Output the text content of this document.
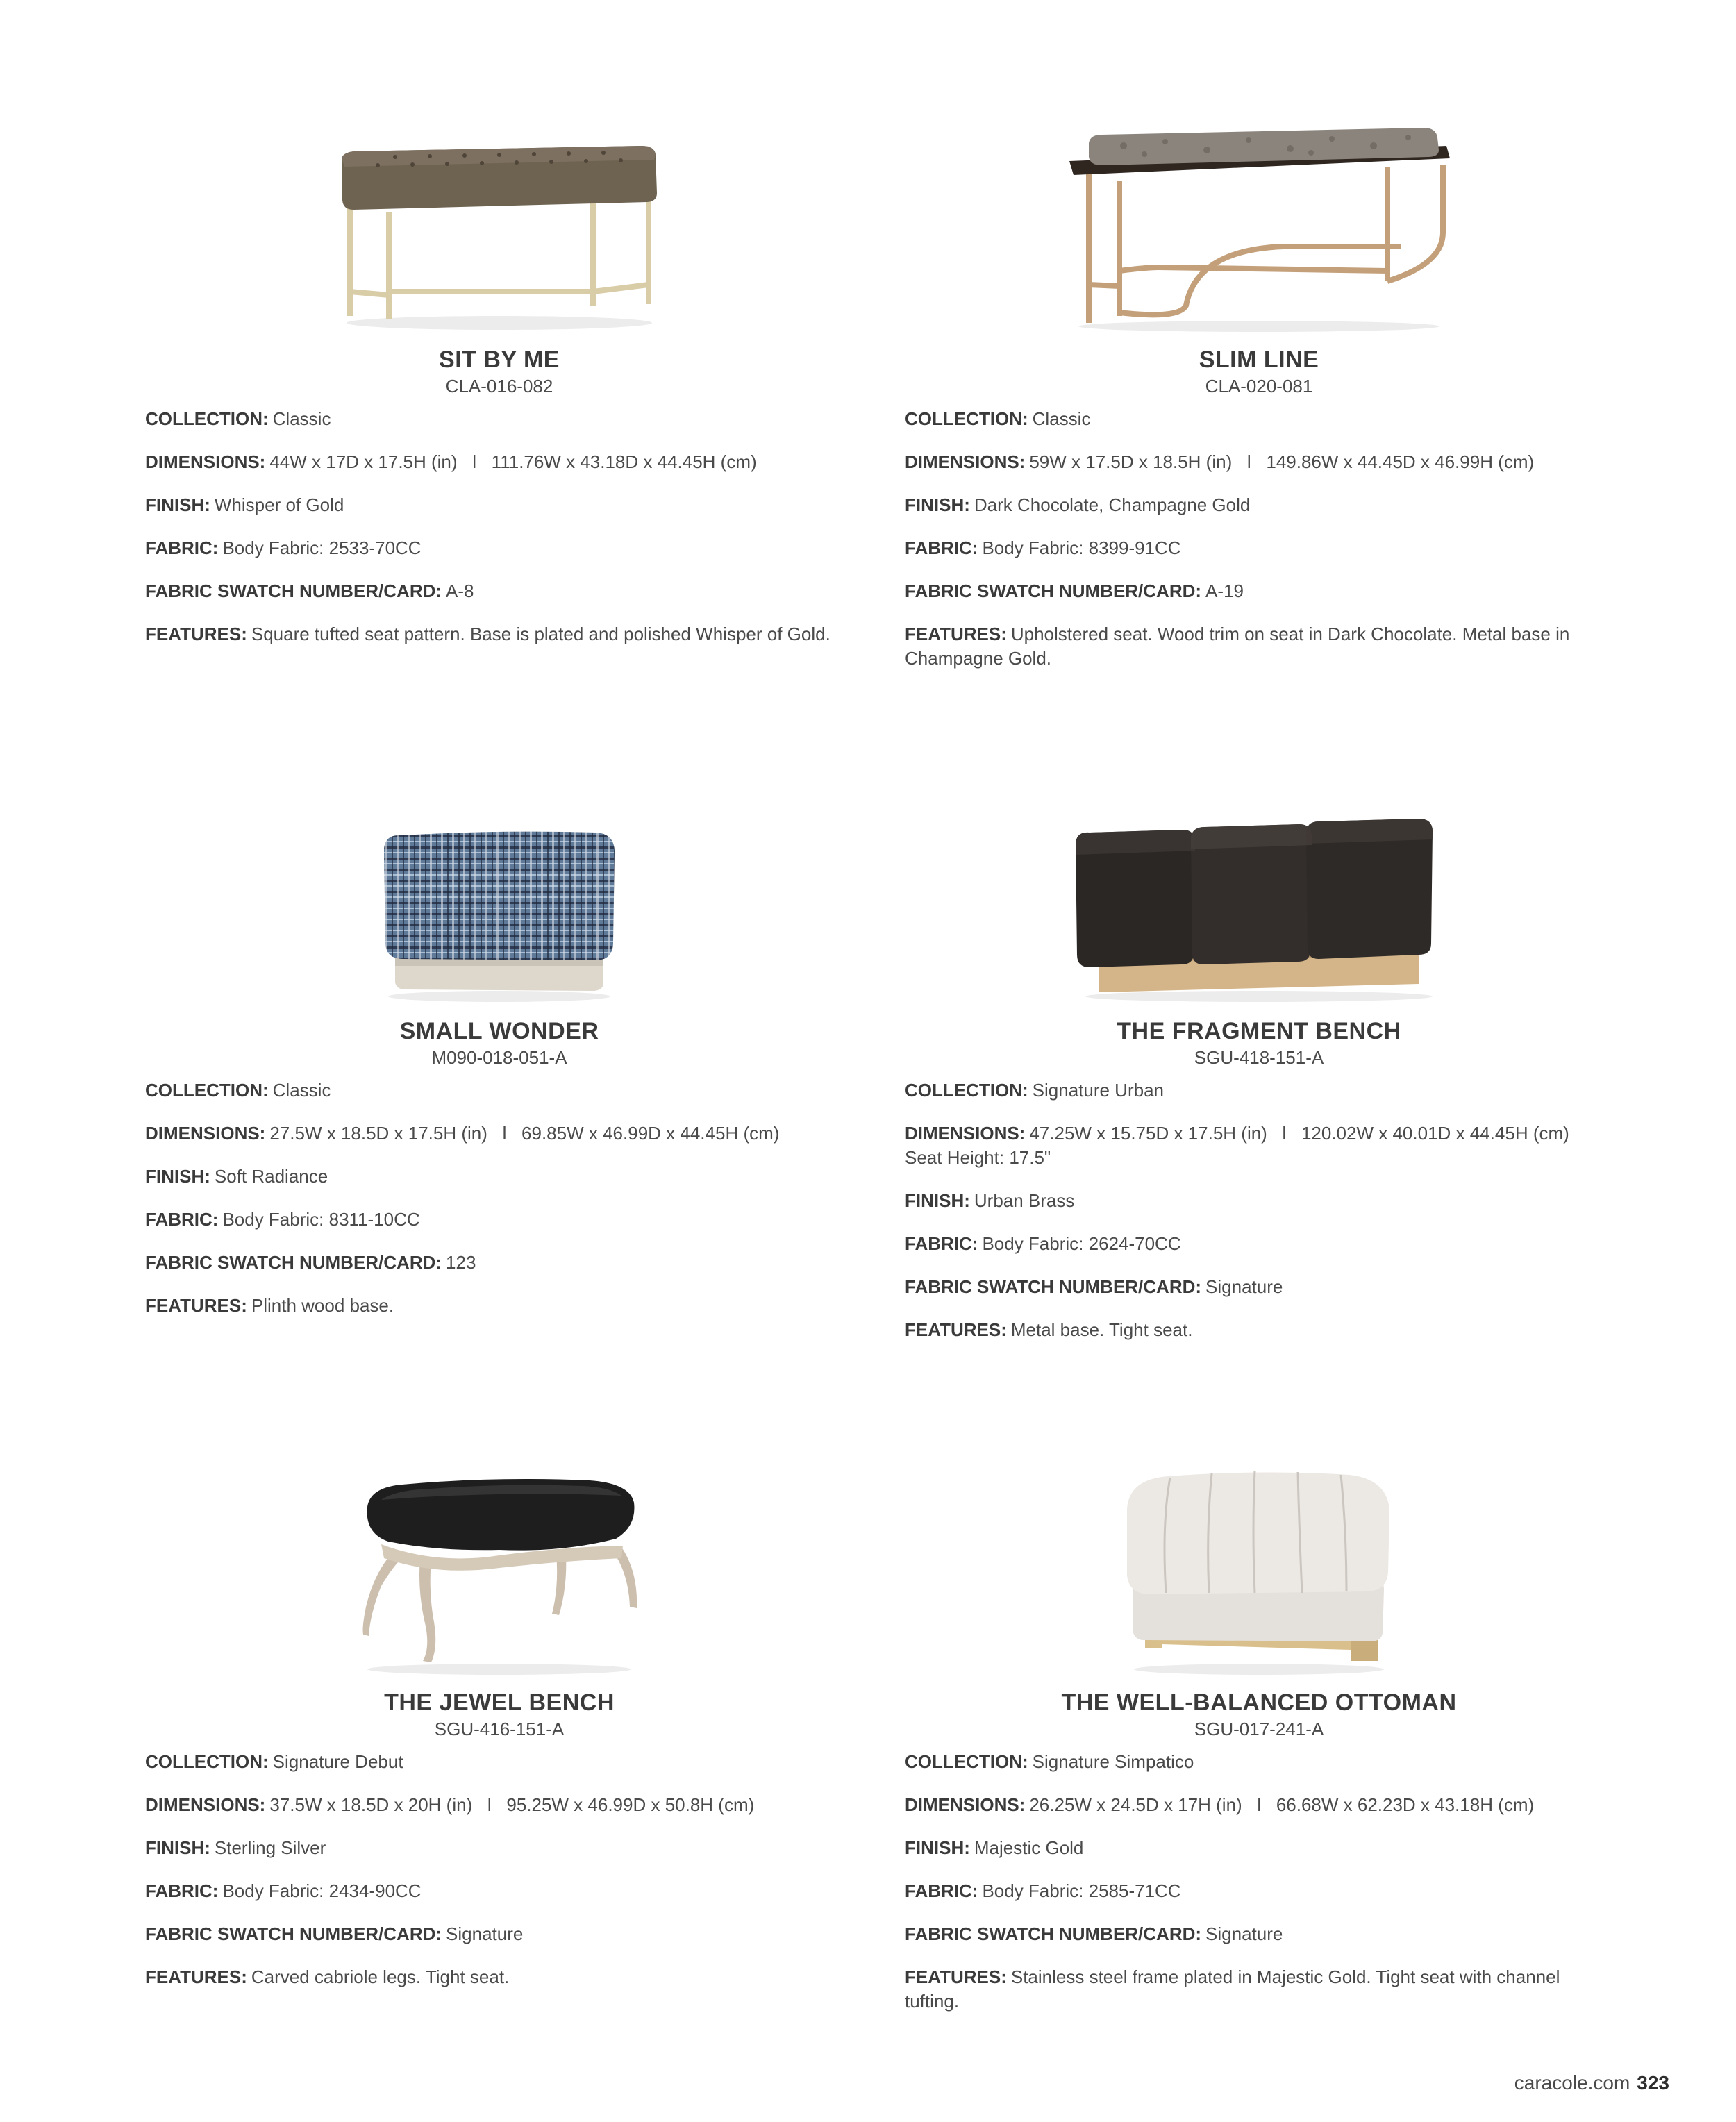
SIT BY ME
CLA-016-082
COLLECTION: Classic
DIMENSIONS: 44W x 17D x 17.5H (in)   l   111.76W x 43.18D x 44.45H (cm)
FINISH: Whisper of Gold
FABRIC: Body Fabric: 2533-70CC
FABRIC SWATCH NUMBER/CARD: A-8
FEATURES: Square tufted seat pattern. Base is plated and polished Whisper of Gold.
SLIM LINE
CLA-020-081
COLLECTION: Classic
DIMENSIONS: 59W x 17.5D x 18.5H (in)   l   149.86W x 44.45D x 46.99H (cm)
FINISH: Dark Chocolate, Champagne Gold
FABRIC: Body Fabric: 8399-91CC
FABRIC SWATCH NUMBER/CARD: A-19
FEATURES: Upholstered seat. Wood trim on seat in Dark Chocolate. Metal base in Champagne Gold.
SMALL WONDER
M090-018-051-A
COLLECTION: Classic
DIMENSIONS: 27.5W x 18.5D x 17.5H (in)   l   69.85W x 46.99D x 44.45H (cm)
FINISH: Soft Radiance
FABRIC: Body Fabric: 8311-10CC
FABRIC SWATCH NUMBER/CARD: 123
FEATURES: Plinth wood base.
THE FRAGMENT BENCH
SGU-418-151-A
COLLECTION: Signature Urban
DIMENSIONS: 47.25W x 15.75D x 17.5H (in)   l   120.02W x 40.01D x 44.45H (cm)
Seat Height: 17.5"
FINISH: Urban Brass
FABRIC: Body Fabric: 2624-70CC
FABRIC SWATCH NUMBER/CARD: Signature
FEATURES: Metal base. Tight seat.
THE JEWEL BENCH
SGU-416-151-A
COLLECTION: Signature Debut
DIMENSIONS: 37.5W x 18.5D x 20H (in)   l   95.25W x 46.99D x 50.8H (cm)
FINISH: Sterling Silver
FABRIC: Body Fabric: 2434-90CC
FABRIC SWATCH NUMBER/CARD: Signature
FEATURES: Carved cabriole legs. Tight seat.
THE WELL-BALANCED OTTOMAN
SGU-017-241-A
COLLECTION: Signature Simpatico
DIMENSIONS: 26.25W x 24.5D x 17H (in)   l   66.68W x 62.23D x 43.18H (cm)
FINISH: Majestic Gold
FABRIC: Body Fabric: 2585-71CC
FABRIC SWATCH NUMBER/CARD: Signature
FEATURES: Stainless steel frame plated in Majestic Gold. Tight seat with channel tufting.
caracole.com 323
